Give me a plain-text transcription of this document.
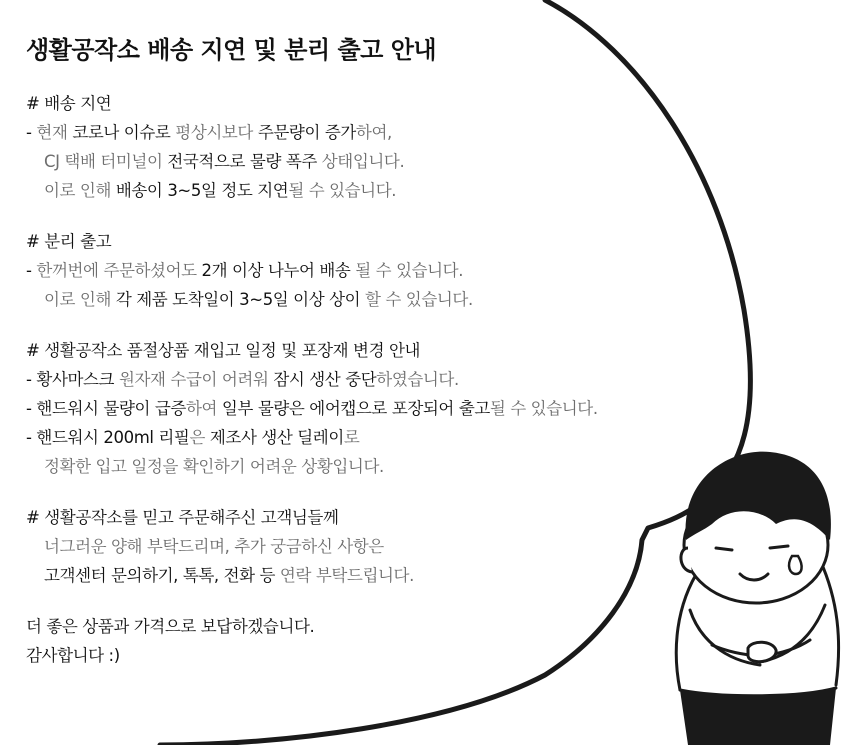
생활공작소 배송 지연 및 분리 출고 안내
# 배송 지연
- 현재 코로나 이슈로 평상시보다 주문량이 증가하여,
CJ 택배 터미널이 전국적으로 물량 폭주 상태입니다.
이로 인해 배송이 3~5일 정도 지연될 수 있습니다.
# 분리 출고
- 한꺼번에 주문하셨어도 2개 이상 나누어 배송 될 수 있습니다.
이로 인해 각 제품 도착일이 3~5일 이상 상이 할 수 있습니다.
# 생활공작소 품절상품 재입고 일정 및 포장재 변경 안내
- 황사마스크 원자재 수급이 어려워 잠시 생산 중단하였습니다.
- 핸드워시 물량이 급증하여 일부 물량은 에어캡으로 포장되어 출고될 수 있습니다.
- 핸드워시 200ml 리필은 제조사 생산 딜레이로
정확한 입고 일정을 확인하기 어려운 상황입니다.
# 생활공작소를 믿고 주문해주신 고객님들께
너그러운 양해 부탁드리며, 추가 궁금하신 사항은
고객센터 문의하기, 톡톡, 전화 등 연락 부탁드립니다.
더 좋은 상품과 가격으로 보답하겠습니다.
감사합니다 :)
